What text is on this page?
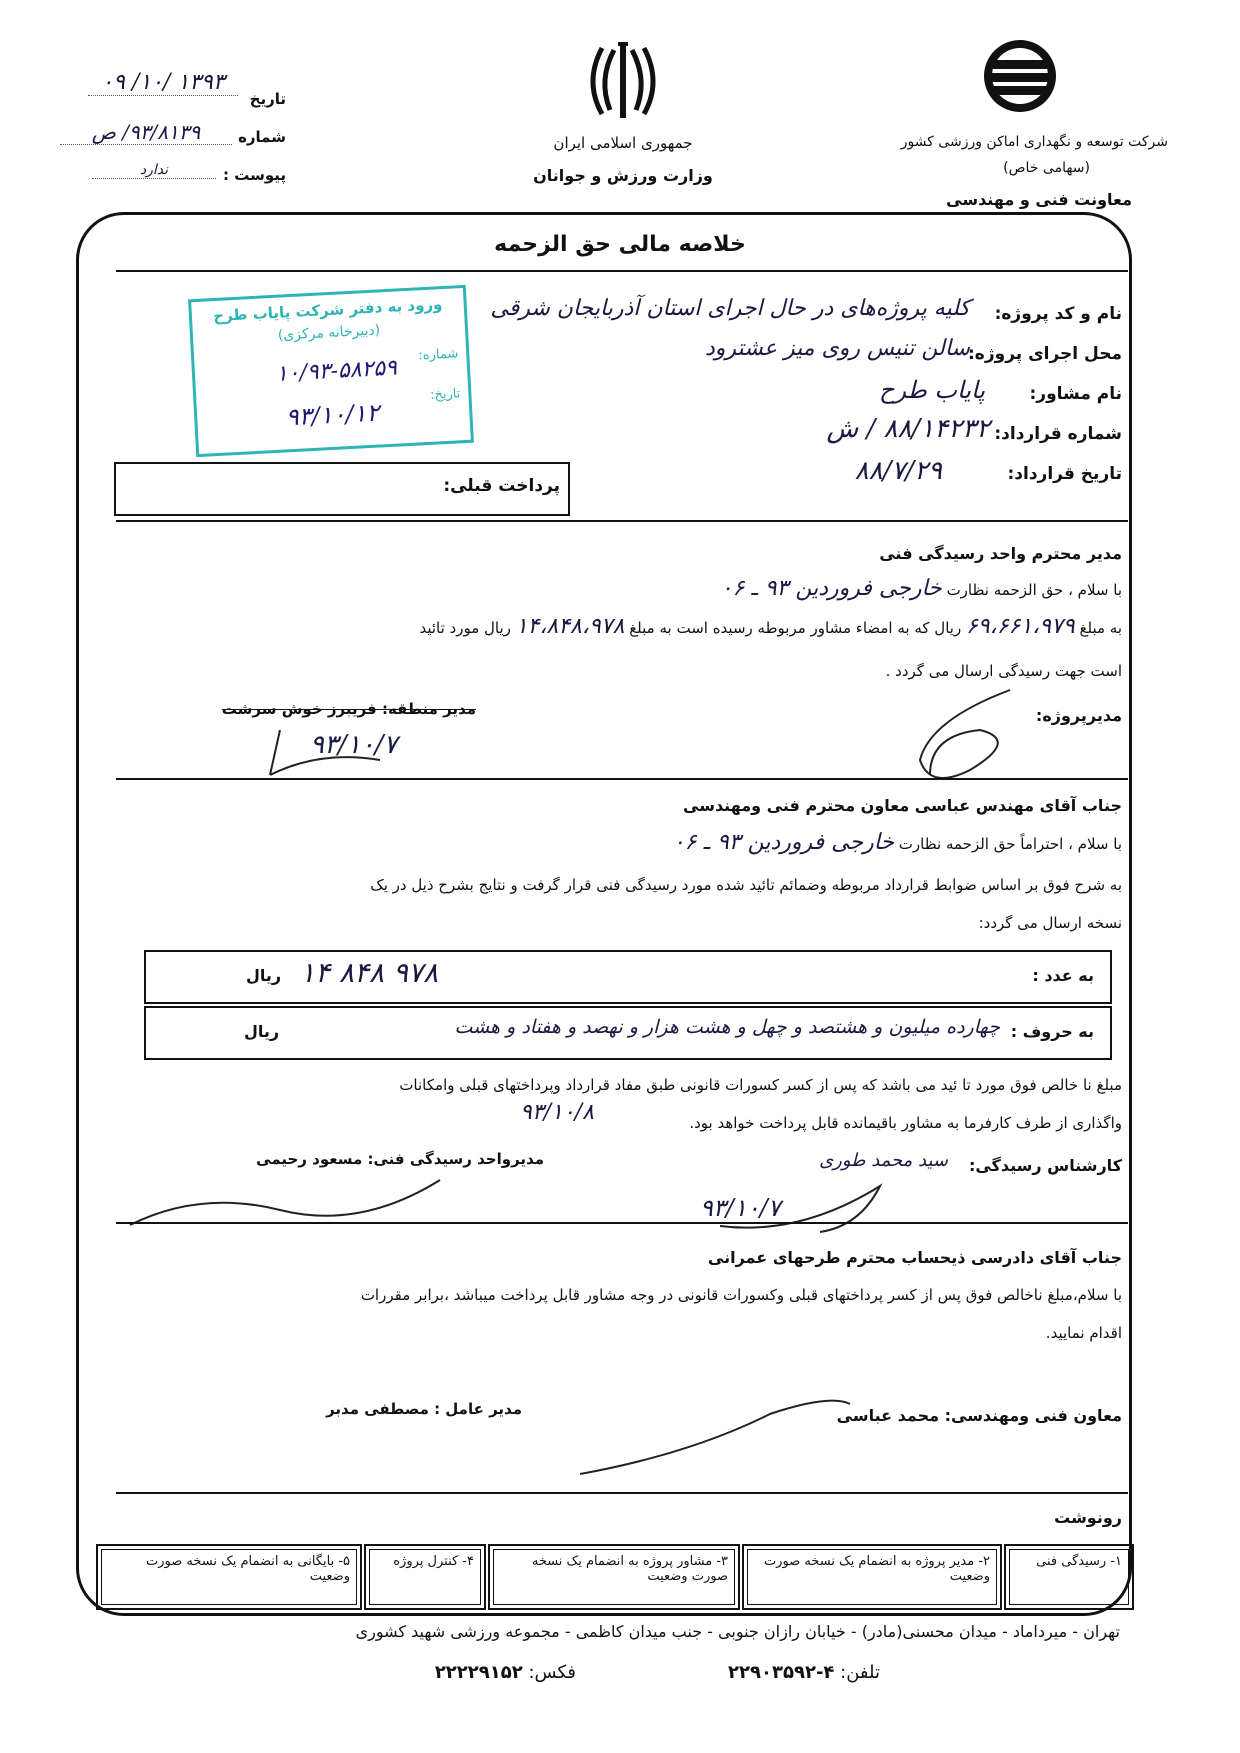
شرکت توسعه و نگهداری اماکن ورزشی کشور
(سهامی خاص)
معاونت فنی و مهندسی
جمهوری اسلامی ایران
وزارت ورزش و جوانان
تاریخ
۱۳۹۳ /۱۰/ ۰۹
شماره
۹۳/۸۱۳۹/ ص
پیوست :
ندارد
خلاصه مالی حق الزحمه
نام و کد پروژه:
کلیه پروژه‌های در حال اجرای استان آذربایجان شرقی
محل اجرای پروژه:
سالن تنیس روی میز عشترود
نام مشاور:
پایاب طرح
شماره قرارداد:
۸۸/۱۴۲۳۲ / ش
تاریخ قرارداد:
۸۸/۷/۲۹
ورود به دفتر شرکت پایاب طرح
(دبیرخانه مرکزی)
شماره:
۱۰/۹۳-۵۸۲۵۹
تاریخ:
۹۳/۱۰/۱۲
پرداخت قبلی:
مدیر محترم واحد رسیدگی فنی
با سلام ، حق الزحمه نظارت خارجی فروردین ۹۳ ـ ۰۶
به مبلغ ۶۹،۶۶۱،۹۷۹ ریال که به امضاء مشاور مربوطه رسیده است به مبلغ ۱۴،۸۴۸،۹۷۸ ریال مورد تائید
است جهت رسیدگی ارسال می گردد .
مدیرپروژه:
مدیر منطقه: فریبرز خوش سرشت
۹۳/۱۰/۷
جناب آقای مهندس عباسی معاون محترم فنی ومهندسی
با سلام ، احتراماً حق الزحمه نظارت خارجی فروردین ۹۳ ـ ۰۶
به شرح فوق بر اساس ضوابط قرارداد مربوطه وضمائم تائید شده مورد رسیدگی فنی قرار گرفت و نتایج بشرح ذیل در یک
نسخه ارسال می گردد:
به عدد :
۱۴ ۸۴۸ ۹۷۸
ریال
به حروف :
چهارده میلیون و هشتصد و چهل و هشت هزار و نهصد و هفتاد و هشت
ریال
مبلغ نا خالص فوق مورد تا ئید می باشد که پس از کسر کسورات قانونی طبق مفاد قرارداد وپرداختهای قبلی وامکانات
واگذاری از طرف کارفرما به مشاور باقیمانده قابل پرداخت خواهد بود.
۹۳/۱۰/۸
کارشناس رسیدگی:
سید محمد طوری
مدیرواحد رسیدگی فنی: مسعود رحیمی
۹۳/۱۰/۷
جناب آقای دادرسی ذیحساب محترم طرحهای عمرانی
با سلام،مبلغ ناخالص فوق پس از کسر پرداختهای قبلی وکسورات قانونی در وجه مشاور قابل پرداخت میباشد ،برابر مقررات
اقدام نمایید.
معاون فنی ومهندسی: محمد عباسی
مدیر عامل : مصطفی مدبر
رونوشت
۱- رسیدگی فنی
۲- مدیر پروژه به انضمام یک نسخه صورت وضعیت
۳- مشاور پروژه به انضمام یک نسخه صورت وضعیت
۴- کنترل پروژه
۵- بایگانی به انضمام یک نسخه صورت وضعیت
تهران - میرداماد - میدان محسنی(مادر) - خیابان رازان جنوبی - جنب میدان کاظمی - مجموعه ورزشی شهید کشوری
تلفن: ۴-۲۲۹۰۳۵۹۲
فکس: ۲۲۲۲۹۱۵۲
